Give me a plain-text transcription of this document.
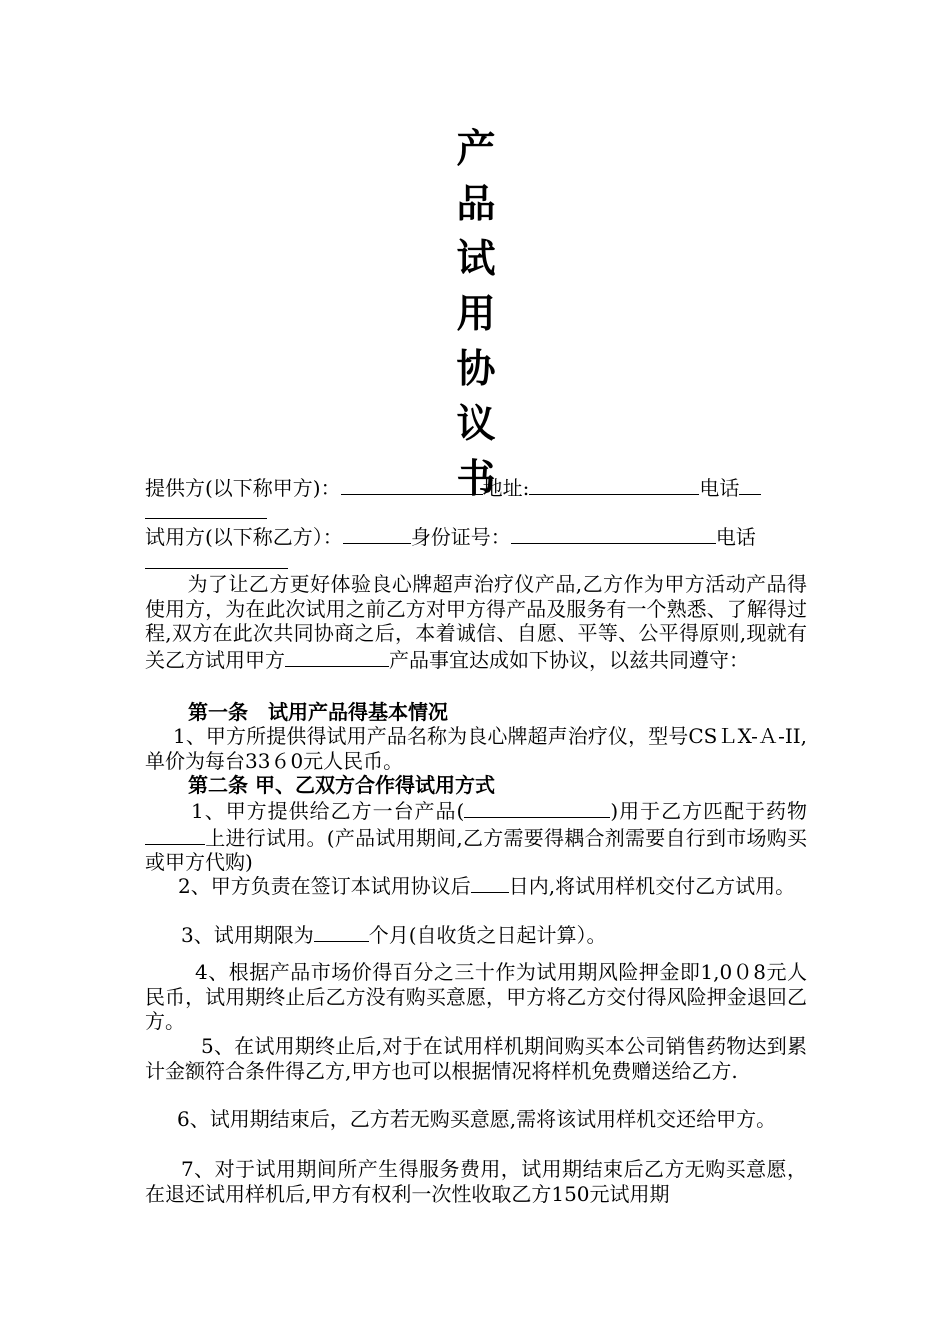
产
品
试
用
协
议
书
提供方(以下称甲方)：	地址:	电话
试用方(以下称乙方）：	身份证号：	电话
为了让乙方更好体验良心牌超声治疗仪产品,乙方作为甲方活动产品得使用方，为在此次试用之前乙方对甲方得产品及服务有一个熟悉、了解得过程,双方在此次共同协商之后，本着诚信、自愿、平等、公平得原则,现就有关乙方试用甲方	产品事宜达成如下协议，以兹共同遵守：
第一条　试用产品得基本情况
1、甲方所提供得试用产品名称为良心牌超声治疗仪，型号CSＬX-Ａ-II,单价为每台33６0元人民币。
第二条 甲、乙双方合作得试用方式
1、甲方提供给乙方一台产品(	)用于乙方匹配于药物上进行试用。(产品试用期间,乙方需要得耦合剂需要自行到市场购买或甲方代购)
2、甲方负责在签订本试用协议后 日内,将试用样机交付乙方试用。
3、试用期限为	个月(自收货之日起计算）。
4、根据产品市场价得百分之三十作为试用期风险押金即1,0０8元人民币，试用期终止后乙方没有购买意愿，甲方将乙方交付得风险押金退回乙方。
5、在试用期终止后,对于在试用样机期间购买本公司销售药物达到累计金额符合条件得乙方,甲方也可以根据情况将样机免费赠送给乙方.
6、试用期结束后，乙方若无购买意愿,需将该试用样机交还给甲方。
7、对于试用期间所产生得服务费用，试用期结束后乙方无购买意愿，在退还试用样机后,甲方有权利一次性收取乙方150元试用期
